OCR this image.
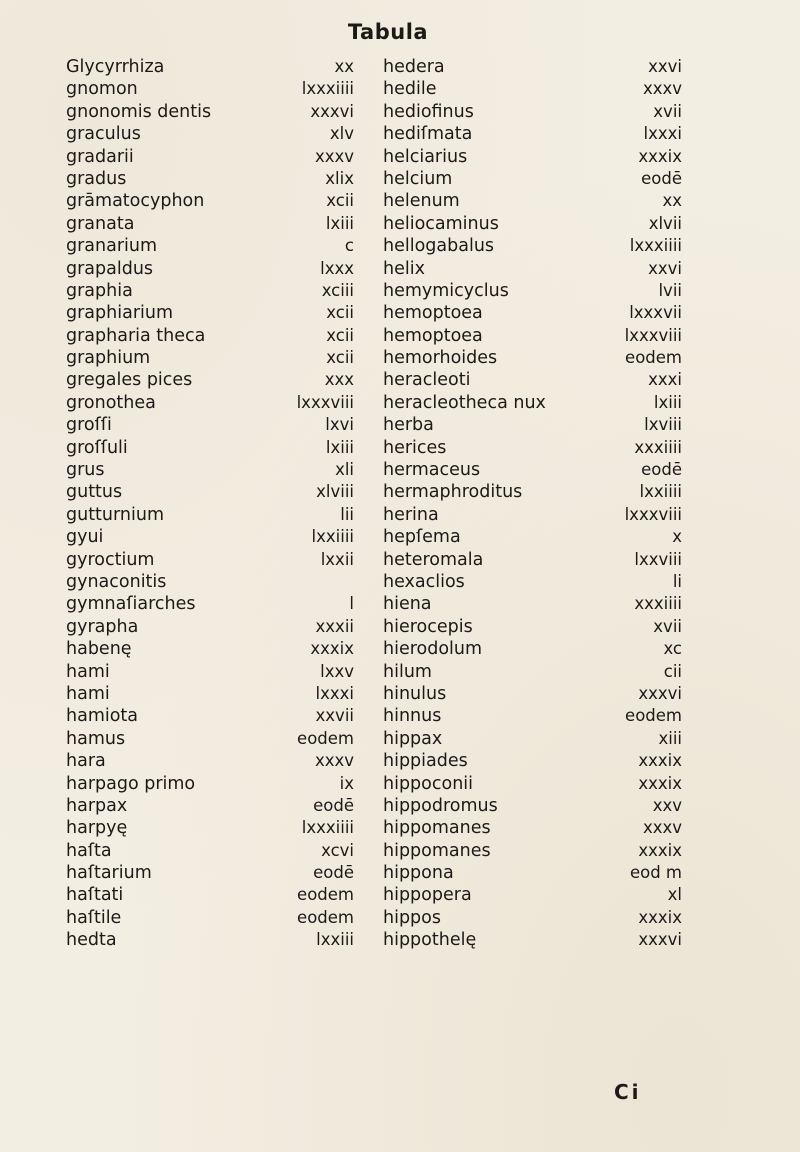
Tabula
Glycyrrhiza
gnomon
gnonomis dentis
graculus
gradarii
gradus
grāmatocyphon
granata
granarium
grapaldus
graphia
graphiarium
grapharia theca
graphium
gregales pices
gronothea
groſſi
groſſuli
grus
guttus
gutturnium
gyui
gyroctium
gynaconitis
gymnaſiarches
gyrapha
habenę
hami
hami
hamiota
hamus
hara
harpago primo
harpax
harpyę
haſta
haſtarium
haſtati
haſtile
hedta
xx
lxxxiiii
xxxvi
xlv
xxxv
xlix
xcii
lxiii
c
lxxx
xciii
xcii
xcii
xcii
xxx
lxxxviii
lxvi
lxiii
xli
xlviii
lii
lxxiiii
lxxii
l
xxxii
xxxix
lxxv
lxxxi
xxvii
eodem
xxxv
ix
eodē
lxxxiiii
xcvi
eodē
eodem
eodem
lxxiii
hedera
hedile
hediofinus
hediſmata
helciarius
helcium
helenum
heliocaminus
hellogabalus
helix
hemymicyclus
hemoptoea
hemoptoea
hemorhoides
heracleoti
heracleotheca nux
herba
herices
hermaceus
hermaphroditus
herina
hepſema
heteromala
hexaclios
hiena
hierocepis
hierodolum
hilum
hinulus
hinnus
hippax
hippiades
hippoconii
hippodromus
hippomanes
hippomanes
hippona
hippopera
hippos
hippothelę
xxvi
xxxv
xvii
lxxxi
xxxix
eodē
xx
xlvii
lxxxiiii
xxvi
lvii
lxxxvii
lxxxviii
eodem
xxxi
lxiii
lxviii
xxxiiii
eodē
lxxiiii
lxxxviii
x
lxxviii
li
xxxiiii
xvii
xc
cii
xxxvi
eodem
xiii
xxxix
xxxix
xxv
xxxv
xxxix
eod m
xl
xxxix
xxxvi
Ci
